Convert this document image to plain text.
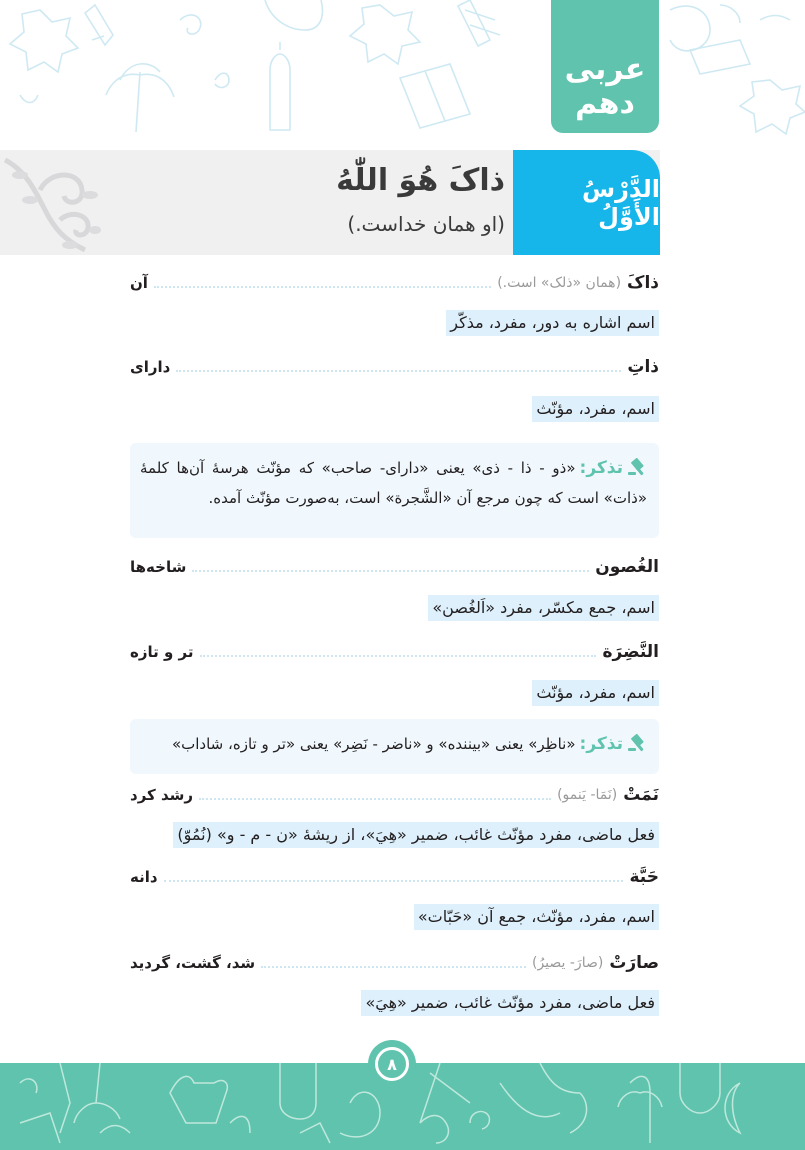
عربی
دهم
الدَّرْسُ الأَوَّلُ
ذاکَ هُوَ اللّٰهُ
(او همان خداست.)
ذاکَ
(همان «ذلک» است.)
آن
اسم اشاره به دور، مفرد، مذکّر
ذاتِ
دارای
اسم، مفرد، مؤنّث
تذکر:«ذو - ذا - ذی» یعنی «دارای- صاحب» که مؤنّث هرسهٔ آن‌ها کلمهٔ «ذات» است که چون مرجع آن «الشَّجرة» است، به‌صورت مؤنّث آمده.
الغُصون
شاخه‌ها
اسم، جمع مکسّر، مفرد «اَلغُصن»
النَّضِرَة
تر و تازه
اسم، مفرد، مؤنّث
تذکر:«ناظِر» یعنی «بیننده» و «ناضر - نَضِر» یعنی «تر و تازه، شاداب»
نَمَتْ
(نَمَا- یَنمو)
رشد کرد
فعل ماضی، مفرد مؤنّث غائب، ضمیر «هِيَ»، از ریشهٔ «ن - م - و» (نُمُوّ)
حَبَّة
دانه
اسم، مفرد، مؤنّث، جمع آن «حَبّات»
صارَتْ
(صارَ- یصیرُ)
شد، گشت، گردید
فعل ماضی، مفرد مؤنّث غائب، ضمیر «هِيَ»
۸
